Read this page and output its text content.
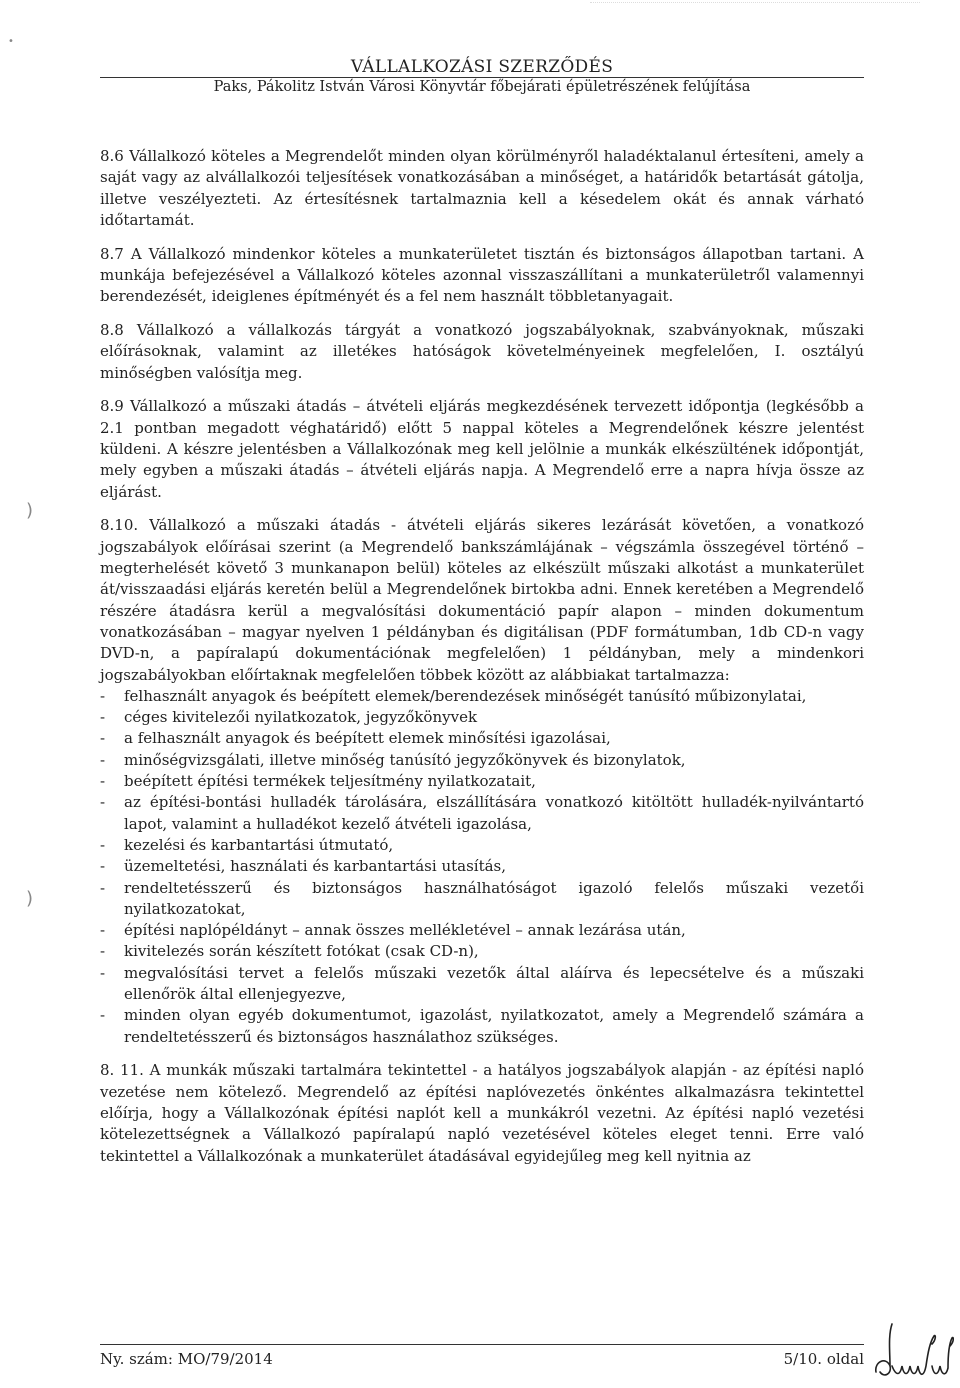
•
)
)
VÁLLALKOZÁSI SZERZŐDÉS
Paks, Pákolitz István Városi Könyvtár főbejárati épületrészének felújítása

8.6 Vállalkozó köteles a Megrendelőt minden olyan körülményről haladéktalanul értesíteni, amely a saját vagy az alvállalkozói teljesítések vonatkozásában a minőséget, a határidők betartását gátolja, illetve veszélyezteti. Az értesítésnek tartalmaznia kell a késedelem okát és annak várható időtartamát.

8.7 A Vállalkozó mindenkor köteles a munkaterületet tisztán és biztonságos állapotban tartani. A munkája befejezésével a Vállalkozó köteles azonnal visszaszállítani a munkaterületről valamennyi berendezését, ideiglenes építményét és a fel nem használt többletanyagait.

8.8 Vállalkozó a vállalkozás tárgyát a vonatkozó jogszabályoknak, szabványoknak, műszaki előírásoknak, valamint az illetékes hatóságok követelményeinek megfelelően, I. osztályú minőségben valósítja meg.

8.9 Vállalkozó a műszaki átadás – átvételi eljárás megkezdésének tervezett időpontja (legkésőbb a 2.1 pontban megadott véghatáridő) előtt 5 nappal köteles a Megrendelőnek készre jelentést küldeni. A készre jelentésben a Vállalkozónak meg kell jelölnie a munkák elkészültének időpontját, mely egyben a műszaki átadás – átvételi eljárás napja. A Megrendelő erre a napra hívja össze az eljárást.

8.10. Vállalkozó a műszaki átadás - átvételi eljárás sikeres lezárását követően, a vonatkozó jogszabályok előírásai szerint (a Megrendelő bankszámlájának – végszámla összegével történő – megterhelését követő 3 munkanapon belül) köteles az elkészült műszaki alkotást a munkaterület át/visszaadási eljárás keretén belül a Megrendelőnek birtokba adni. Ennek keretében a Megrendelő részére átadásra kerül a megvalósítási dokumentáció papír alapon – minden dokumentum vonatkozásában – magyar nyelven 1 példányban és digitálisan (PDF formátumban, 1db CD-n vagy DVD-n, a papíralapú dokumentációnak megfelelően) 1 példányban, mely a mindenkori jogszabályokban előírtaknak megfelelően többek között az alábbiakat tartalmazza:

- felhasznált anyagok és beépített elemek/berendezések minőségét tanúsító műbizonylatai,
- céges kivitelezői nyilatkozatok, jegyzőkönyvek
- a felhasznált anyagok és beépített elemek minősítési igazolásai,
- minőségvizsgálati, illetve minőség tanúsító jegyzőkönyvek és bizonylatok,
- beépített építési termékek teljesítmény nyilatkozatait,
- az építési-bontási hulladék tárolására, elszállítására vonatkozó kitöltött hulladék-nyilvántartó lapot, valamint a hulladékot kezelő átvételi igazolása,
- kezelési és karbantartási útmutató,
- üzemeltetési, használati és karbantartási utasítás,
- rendeltetésszerű és biztonságos használhatóságot igazoló felelős műszaki vezetői nyilatkozatokat,
- építési naplópéldányt – annak összes mellékletével – annak lezárása után,
- kivitelezés során készített fotókat (csak CD-n),
- megvalósítási tervet a felelős műszaki vezetők által aláírva és lepecsételve és a műszaki ellenőrök által ellenjegyezve,
- minden olyan egyéb dokumentumot, igazolást, nyilatkozatot, amely a Megrendelő számára a rendeltetésszerű és biztonságos használathoz szükséges.

8. 11. A munkák műszaki tartalmára tekintettel - a hatályos jogszabályok alapján - az építési napló vezetése nem kötelező. Megrendelő az építési naplóvezetés önkéntes alkalmazásra tekintettel előírja, hogy a Vállalkozónak építési naplót kell a munkákról vezetni. Az építési napló vezetési kötelezettségnek a Vállalkozó papíralapú napló vezetésével köteles eleget tenni. Erre való tekintettel a Vállalkozónak a munkaterület átadásával egyidejűleg meg kell nyitnia az

Ny. szám: MO/79/2014	5/10. oldal
